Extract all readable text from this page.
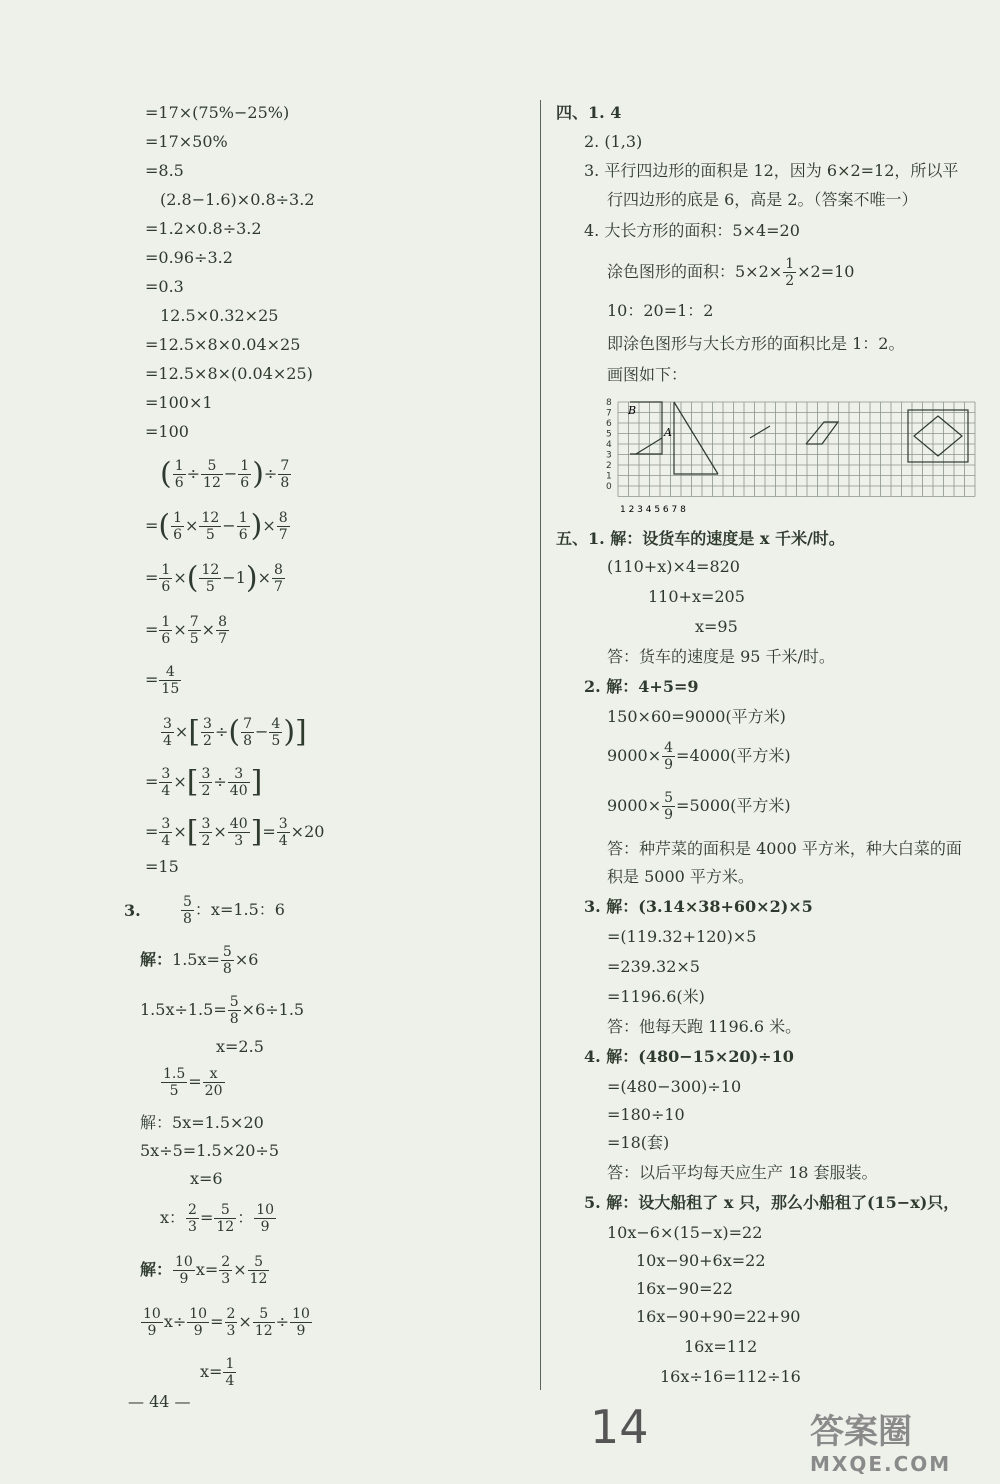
=17×(75%−25%)
=17×50%
=8.5
(2.8−1.6)×0.8÷3.2
=1.2×0.8÷3.2
=0.96÷3.2
=0.3
12.5×0.32×25
=12.5×8×0.04×25
=12.5×8×(0.04×25)
=100×1
=100
( $\frac{1}{6} \div \frac{5}{12} - \frac{1}{6}$ )÷ $\frac{7}{8}$
=( $\frac{1}{6} \times \frac{12}{5} - \frac{1}{6}$ )× $\frac{8}{7}$
= $\frac{1}{6}$ ×( $\frac{12}{5} -1)\times \frac{8}{7}$
= $\frac{1}{6} \times \frac{7}{5} \times \frac{8}{7}$
= $\frac{4}{15}$
$\frac{3}{4}$ ×[ $\frac{3}{2}$ ÷( $\frac{7}{8} - \frac{4}{5}$ )]
= $\frac{3}{4}$ ×[ $\frac{3}{2} \div \frac{3}{40}$ ]
= $\frac{3}{4}$ ×[ $\frac{3}{2} \times \frac{40}{3}$ ]= $\frac{3}{4} \times 20$
=15
3.	$\frac{5}{8}$ ：x=1.5：6
解：$1.5x= \frac{5}{8} \times 6$
$1.5x\div 1.5= \frac{5}{8} \times 6\div 1.5$
x=2.5
$\frac{1.5}{5} = \frac{x}{20}$
解：5x=1.5×20
5x÷5=1.5×20÷5
x=6
x： $\frac{2}{3} = \frac{5}{12}$ ： $\frac{10}{9}$
解： $\frac{10}{9} x= \frac{2}{3} \times \frac{5}{12}$
$\frac{10}{9} x\div \frac{10}{9} = \frac{2}{3} \times \frac{5}{12} \div \frac{10}{9}$
$x= \frac{1}{4}$
四、1. 4
2. (1,3)
3. 平行四边形的面积是 12，因为 6×2=12，所以平
行四边形的底是 6，高是 2。（答案不唯一）
4. 大长方形的面积：5×4=20
涂色图形的面积：$5\times 2\times \frac{1}{2} \times 2=10$
10：20=1：2
即涂色图形与大长方形的面积比是 1：2。
画图如下：
B
A
8
7
6
5
4
3
2
1
0
1 2 3 4 5 6 7 8
五、1. 解：设货车的速度是 x 千米/时。
(110+x)×4=820
110+x=205
x=95
答：货车的速度是 95 千米/时。
2. 解：4+5=9
150×60=9000(平方米)
$9000\times \frac{4}{9} =4000$(平方米)
$9000\times \frac{5}{9} =5000$(平方米)
答：种芹菜的面积是 4000 平方米，种大白菜的面
积是 5000 平方米。
3. 解：(3.14×38+60×2)×5
=(119.32+120)×5
=239.32×5
=1196.6(米)
答：他每天跑 1196.6 米。
4. 解：(480−15×20)÷10
=(480−300)÷10
=180÷10
=18(套)
答：以后平均每天应生产 18 套服装。
5. 解：设大船租了 x 只，那么小船租了(15−x)只，
10x−6×(15−x)=22
10x−90+6x=22
16x−90=22
16x−90+90=22+90
16x=112
16x÷16=112÷16
— 44 —	14	答案圈
MXQE.COM
